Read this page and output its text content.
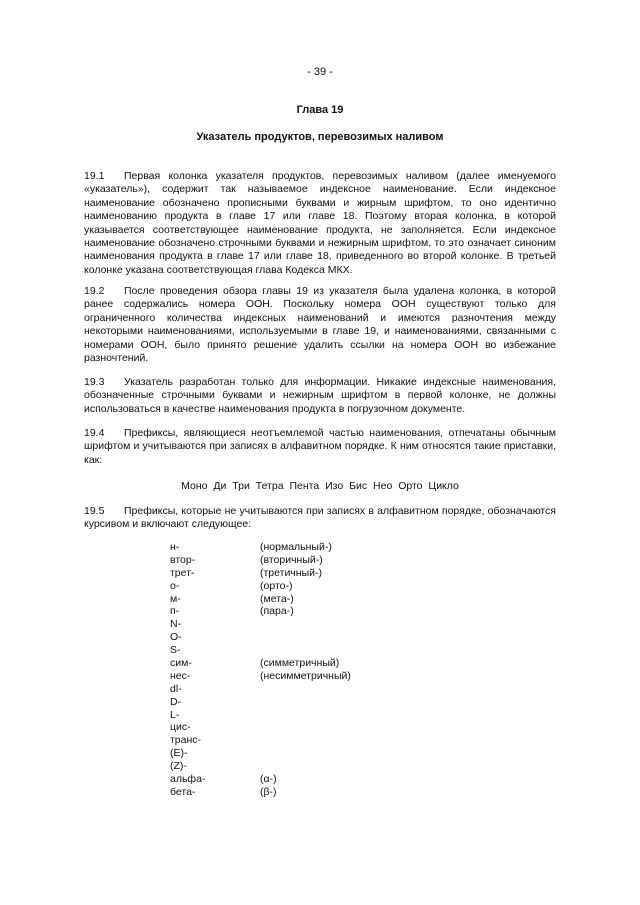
- 39 -
Глава 19
Указатель продуктов, перевозимых наливом
19.1 Первая колонка указателя продуктов, перевозимых наливом (далее именуемого «указатель»), содержит так называемое индексное наименование. Если индексное наименование обозначено прописными буквами и жирным шрифтом, то оно идентично наименованию продукта в главе 17 или главе 18. Поэтому вторая колонка, в которой указывается соответствующее наименование продукта, не заполняется. Если индексное наименование обозначено строчными буквами и нежирным шрифтом, то это означает синоним наименования продукта в главе 17 или главе 18, приведенного во второй колонке. В третьей колонке указана соответствующая глава Кодекса МКХ.
19.2 После проведения обзора главы 19 из указателя была удалена колонка, в которой ранее содержались номера ООН. Поскольку номера ООН существуют только для ограниченного количества индексных наименований и имеются разночтения между некоторыми наименованиями, используемыми в главе 19, и наименованиями, связанными с номерами ООН, было принято решение удалить ссылки на номера ООН во избежание разночтений.
19.3 Указатель разработан только для информации. Никакие индексные наименования, обозначенные строчными буквами и нежирным шрифтом в первой колонке, не должны использоваться в качестве наименования продукта в погрузочном документе.
19.4 Префиксы, являющиеся неотъемлемой частью наименования, отпечатаны обычным шрифтом и учитываются при записях в алфавитном порядке. К ним относятся такие приставки, как:
Моно Ди Три Тетра Пента Изо Бис Нео Орто Цикло
19.5 Префиксы, которые не учитываются при записях в алфавитном порядке, обозначаются курсивом и включают следующее:
н-	(нормальный-)
втор-	(вторичный-)
трет-	(третичный-)
о-	(орто-)
м-	(мета-)
п-	(пара-)
N-
O-
S-
сим-	(симметричный)
нес-	(несимметричный)
dl-
D-
L-
цис-
транс-
(E)-
(Z)-
альфа-	(α-)
бета-	(β-)
